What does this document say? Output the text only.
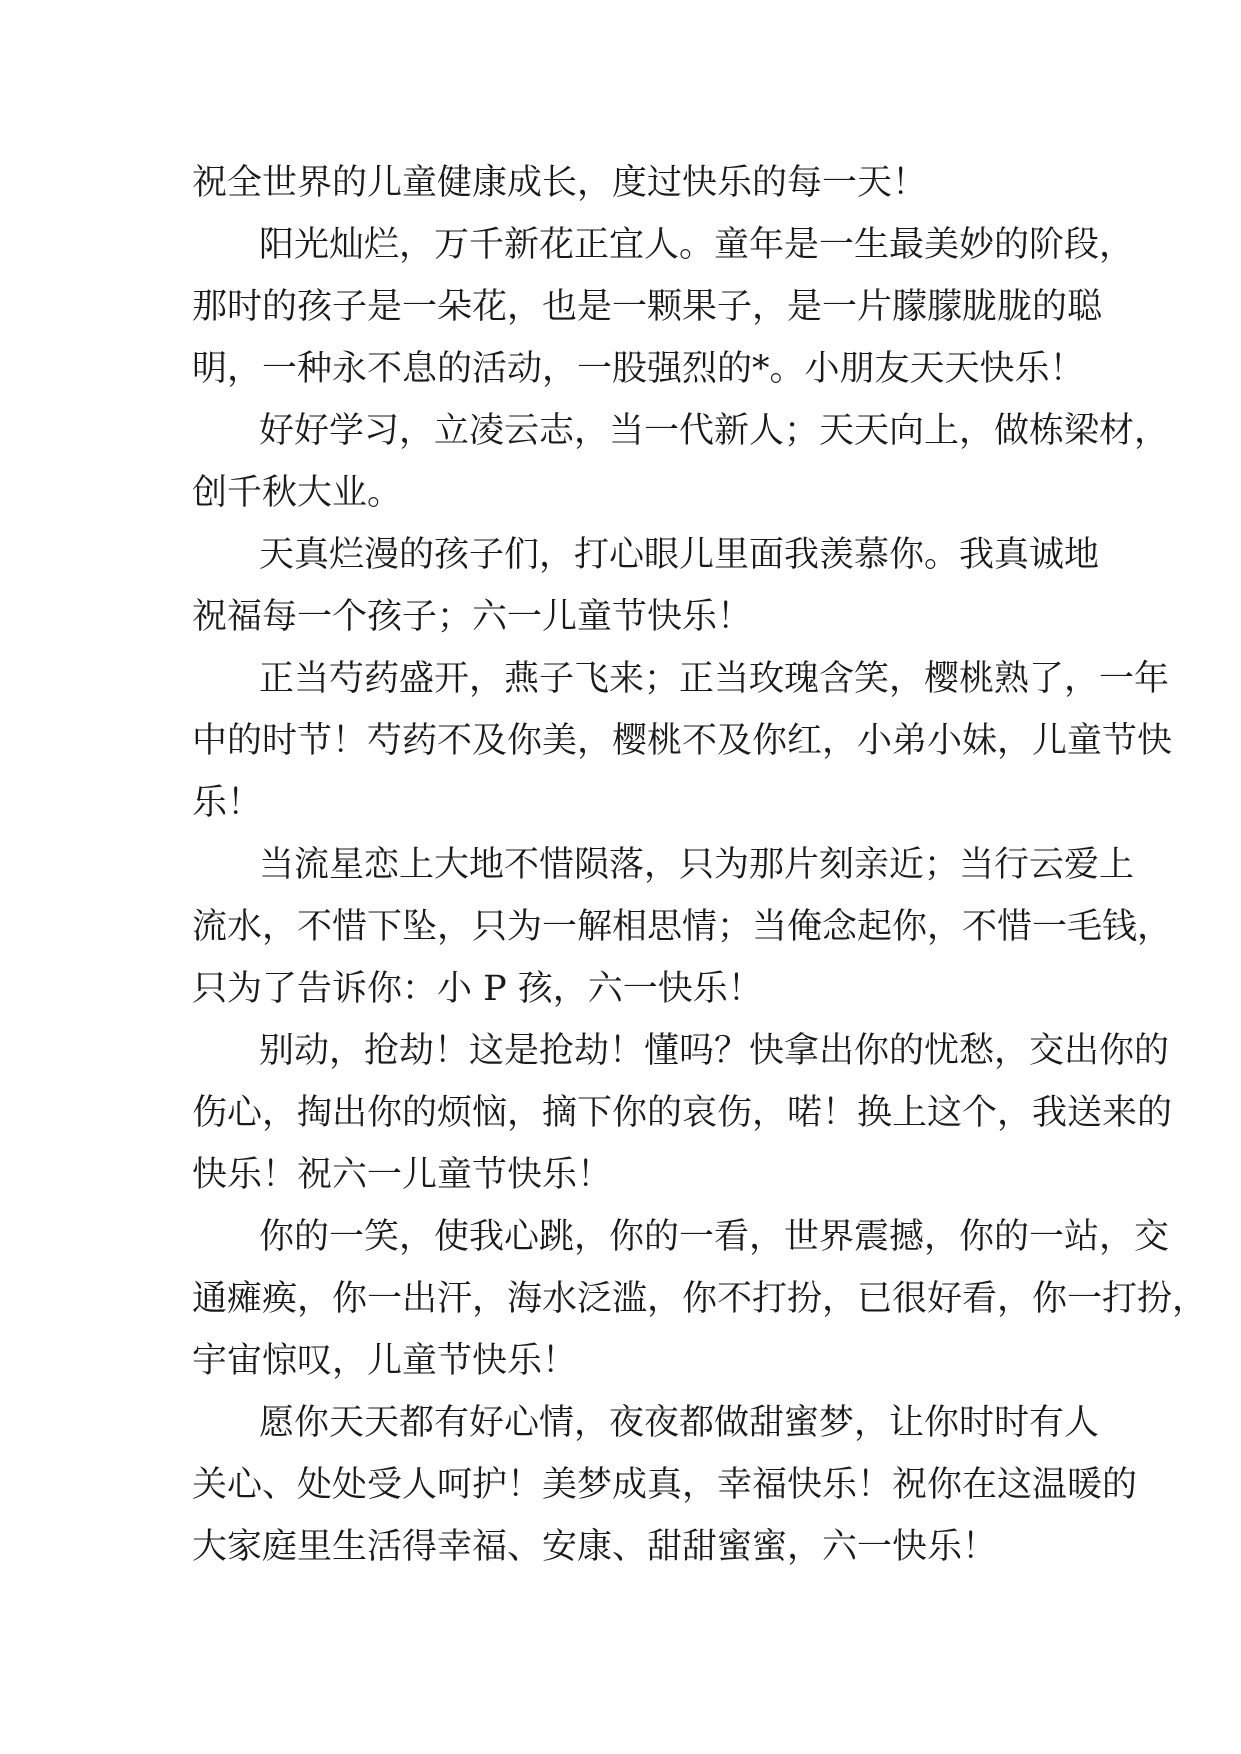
祝全世界的儿童健康成长，度过快乐的每一天！
阳光灿烂，万千新花正宜人。童年是一生最美妙的阶段，
那时的孩子是一朵花，也是一颗果子，是一片朦朦胧胧的聪
明，一种永不息的活动，一股强烈的*。小朋友天天快乐！
好好学习，立凌云志，当一代新人；天天向上，做栋梁材，
创千秋大业。
天真烂漫的孩子们，打心眼儿里面我羡慕你。我真诚地
祝福每一个孩子；六一儿童节快乐！
正当芍药盛开，燕子飞来；正当玫瑰含笑，樱桃熟了，一年
中的时节！芍药不及你美，樱桃不及你红，小弟小妹，儿童节快
乐！
当流星恋上大地不惜陨落，只为那片刻亲近；当行云爱上
流水，不惜下坠，只为一解相思情；当俺念起你，不惜一毛钱，
只为了告诉你：小 P 孩，六一快乐！
别动，抢劫！这是抢劫！懂吗？快拿出你的忧愁，交出你的
伤心，掏出你的烦恼，摘下你的哀伤，喏！换上这个，我送来的
快乐！祝六一儿童节快乐！
你的一笑，使我心跳，你的一看，世界震撼，你的一站，交
通瘫痪，你一出汗，海水泛滥，你不打扮，已很好看，你一打扮，
宇宙惊叹，儿童节快乐！
愿你天天都有好心情，夜夜都做甜蜜梦，让你时时有人
关心、处处受人呵护！美梦成真，幸福快乐！祝你在这温暖的
大家庭里生活得幸福、安康、甜甜蜜蜜，六一快乐！
